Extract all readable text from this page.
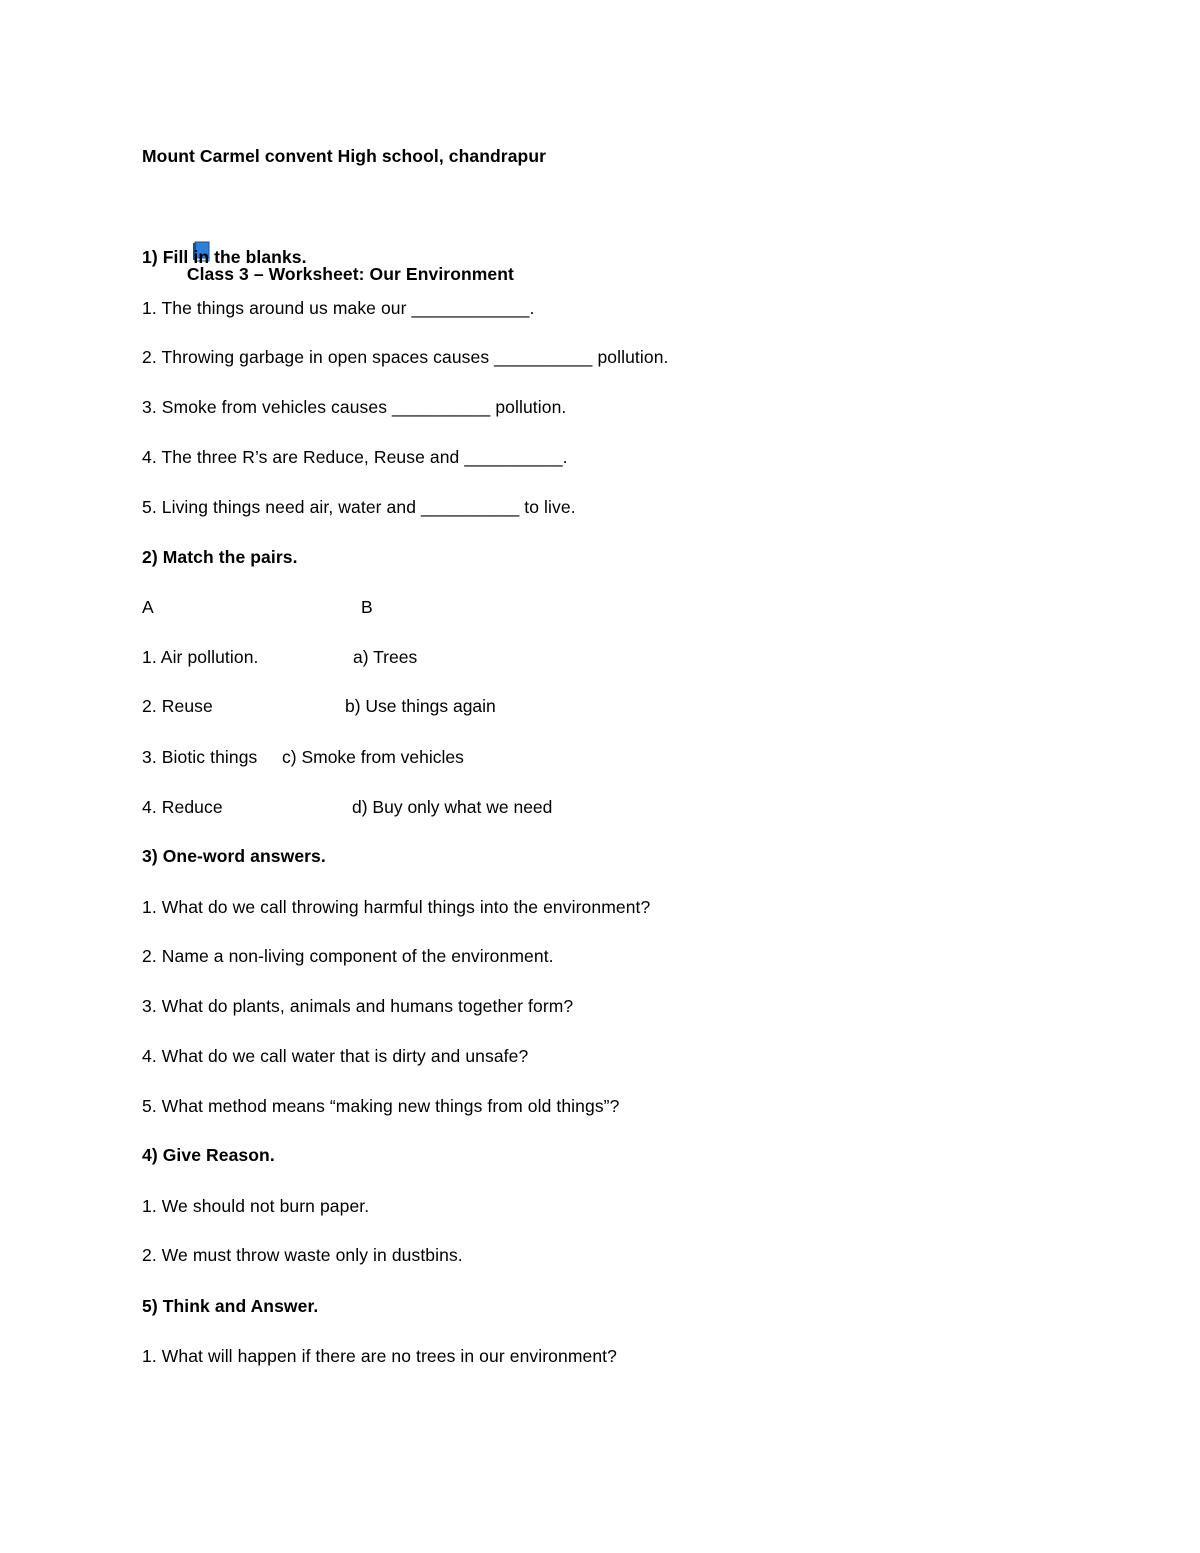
Mount Carmel convent High school, chandrapur

Class 3 – Worksheet: Our Environment

1) Fill in the blanks.
1. The things around us make our ____________.
2. Throwing garbage in open spaces causes __________ pollution.
3. Smoke from vehicles causes __________ pollution.
4. The three R’s are Reduce, Reuse and __________.
5. Living things need air, water and __________ to live.
2) Match the pairs.
A	B
1. Air pollution.	a) Trees
2. Reuse	b) Use things again
3. Biotic things c) Smoke from vehicles
4. Reduce	d) Buy only what we need
3) One-word answers.
1. What do we call throwing harmful things into the environment?
2. Name a non-living component of the environment.
3. What do plants, animals and humans together form?
4. What do we call water that is dirty and unsafe?
5. What method means “making new things from old things”?
4) Give Reason.
1. We should not burn paper.
2. We must throw waste only in dustbins.
5) Think and Answer.
1. What will happen if there are no trees in our environment?
